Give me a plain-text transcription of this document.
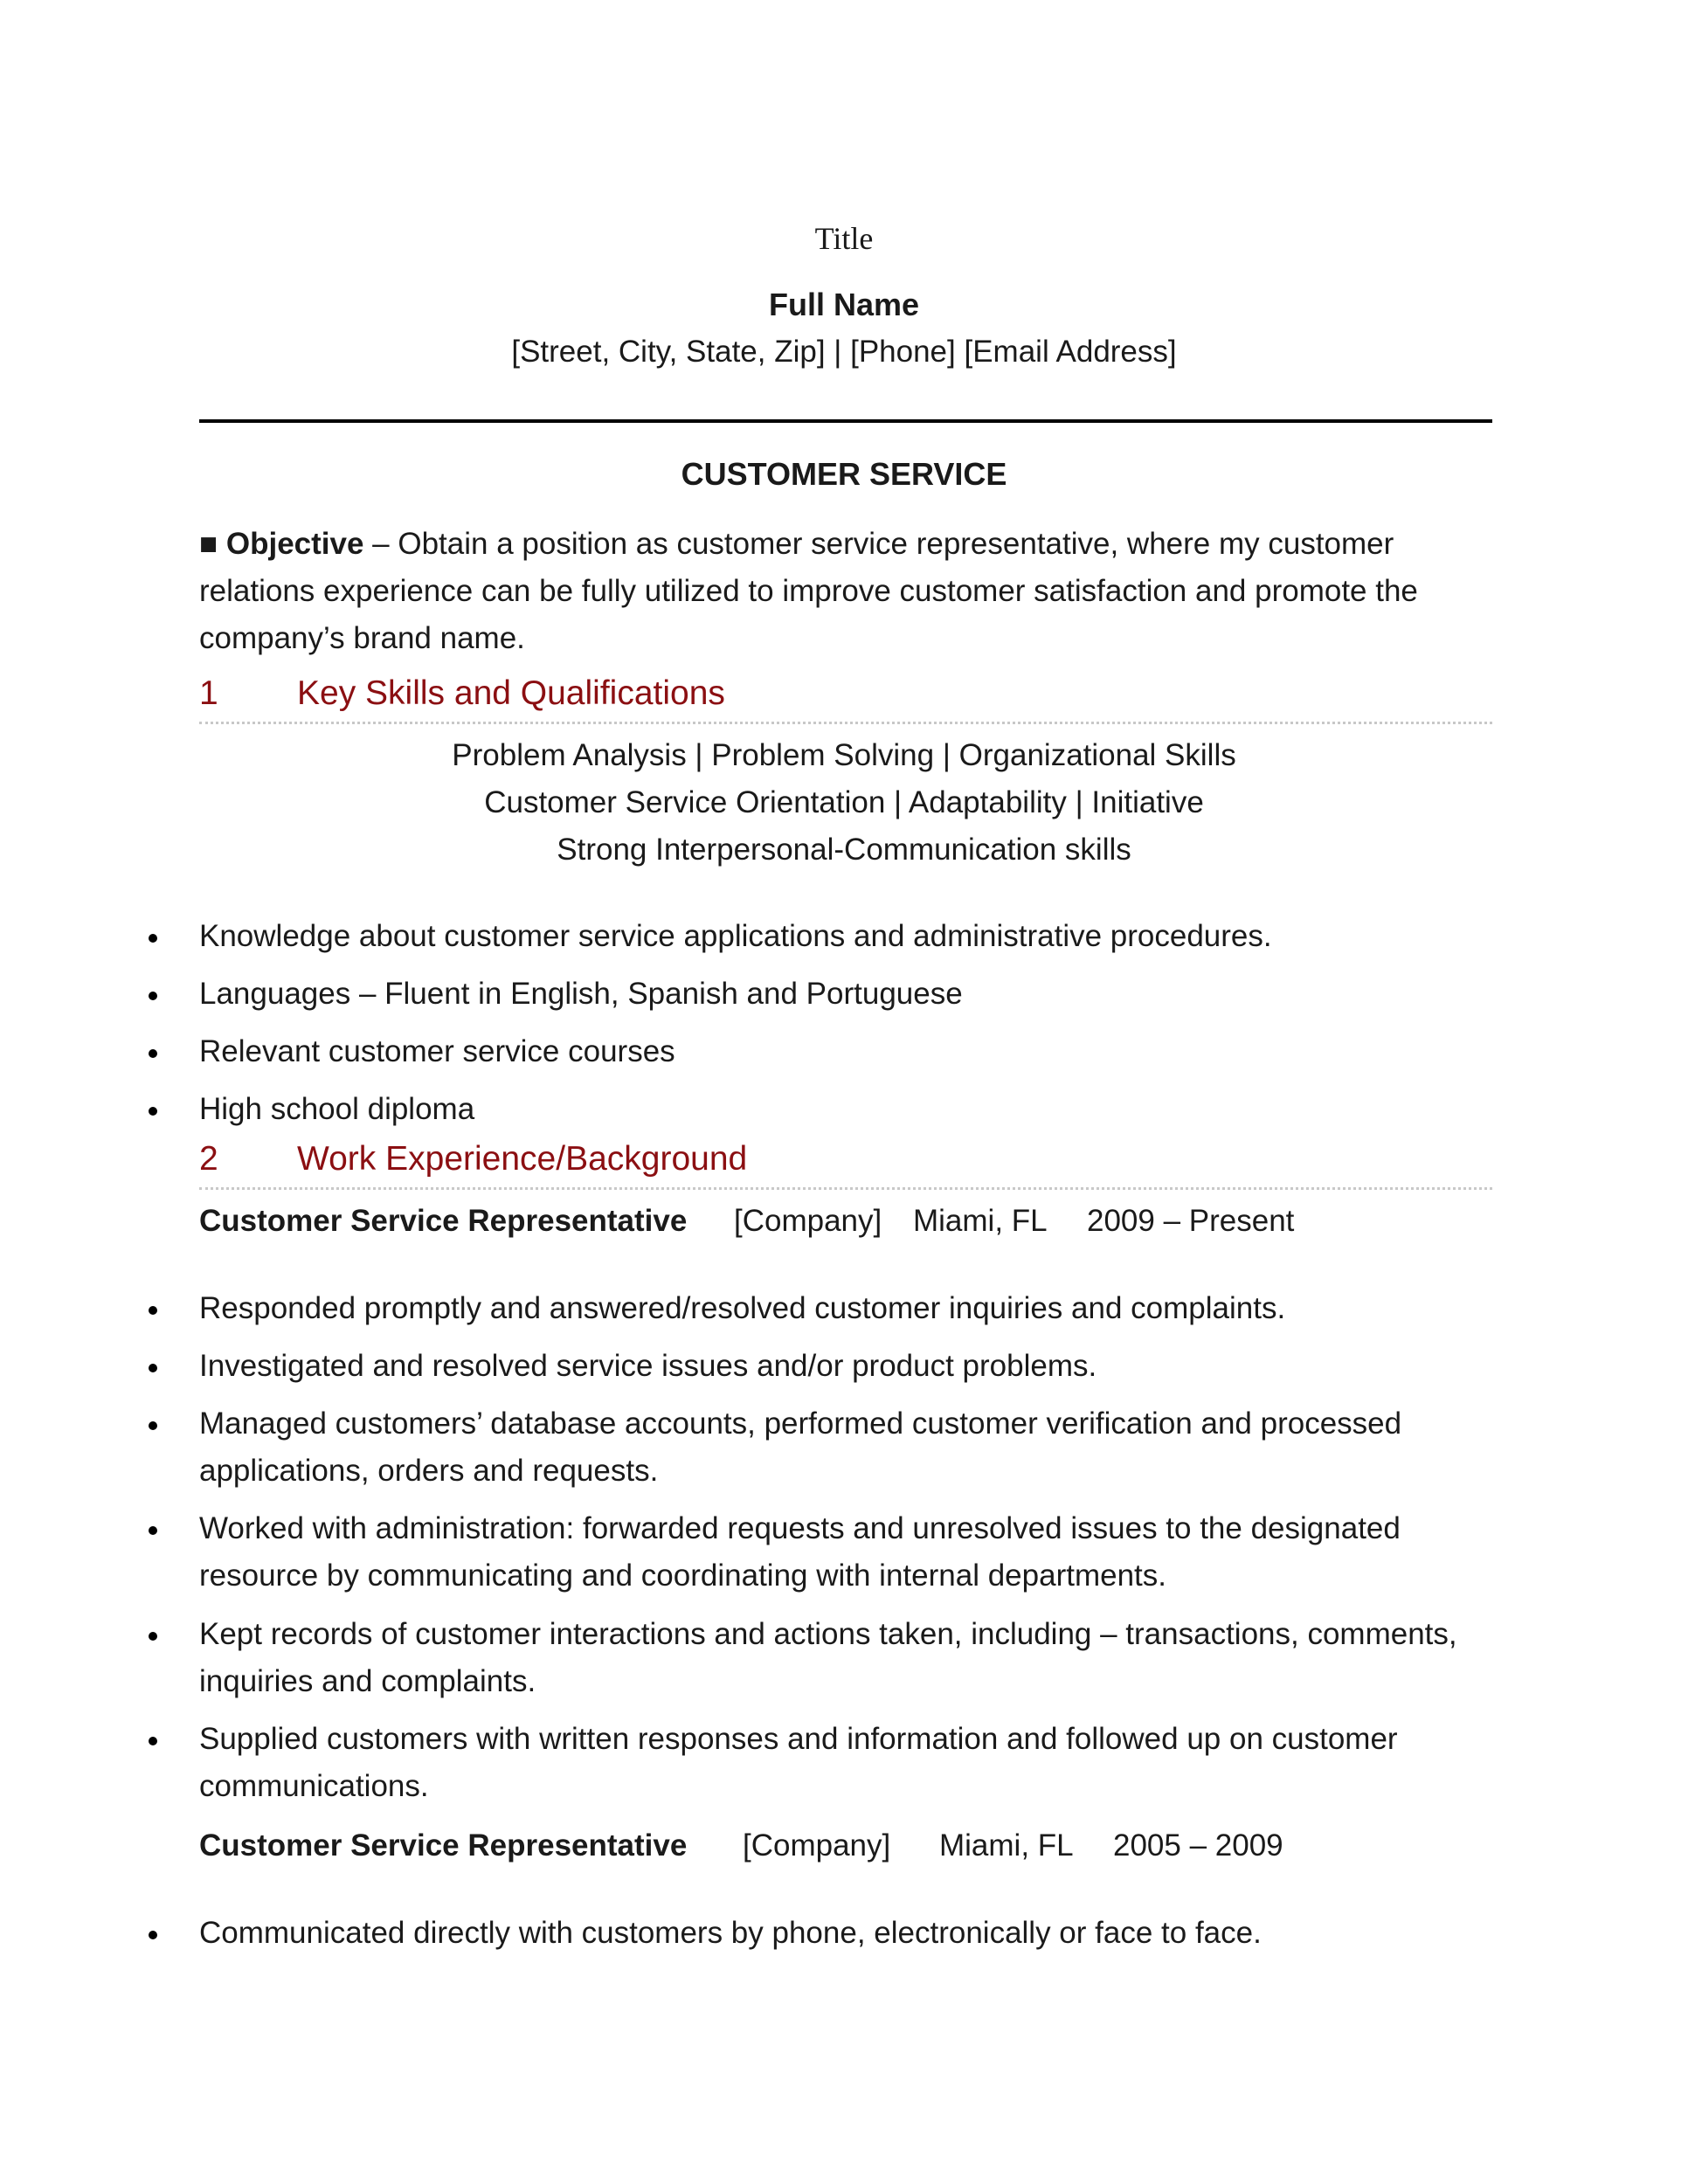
Title
Full Name
[Street, City, State, Zip] | [Phone] [Email Address]
CUSTOMER SERVICE
■ Objective – Obtain a position as customer service representative, where my customer relations experience can be fully utilized to improve customer satisfaction and promote the company’s brand name.
1 Key Skills and Qualifications
Problem Analysis | Problem Solving | Organizational Skills
Customer Service Orientation | Adaptability | Initiative
Strong Interpersonal-Communication skills
Knowledge about customer service applications and administrative procedures.
Languages – Fluent in English, Spanish and Portuguese
Relevant customer service courses
High school diploma
2 Work Experience/Background
Customer Service Representative [Company] Miami, FL 2009 – Present
Responded promptly and answered/resolved customer inquiries and complaints.
Investigated and resolved service issues and/or product problems.
Managed customers’ database accounts, performed customer verification and processed applications, orders and requests.
Worked with administration: forwarded requests and unresolved issues to the designated resource by communicating and coordinating with internal departments.
Kept records of customer interactions and actions taken, including – transactions, comments, inquiries and complaints.
Supplied customers with written responses and information and followed up on customer communications.
Customer Service Representative [Company] Miami, FL 2005 – 2009
Communicated directly with customers by phone, electronically or face to face.
